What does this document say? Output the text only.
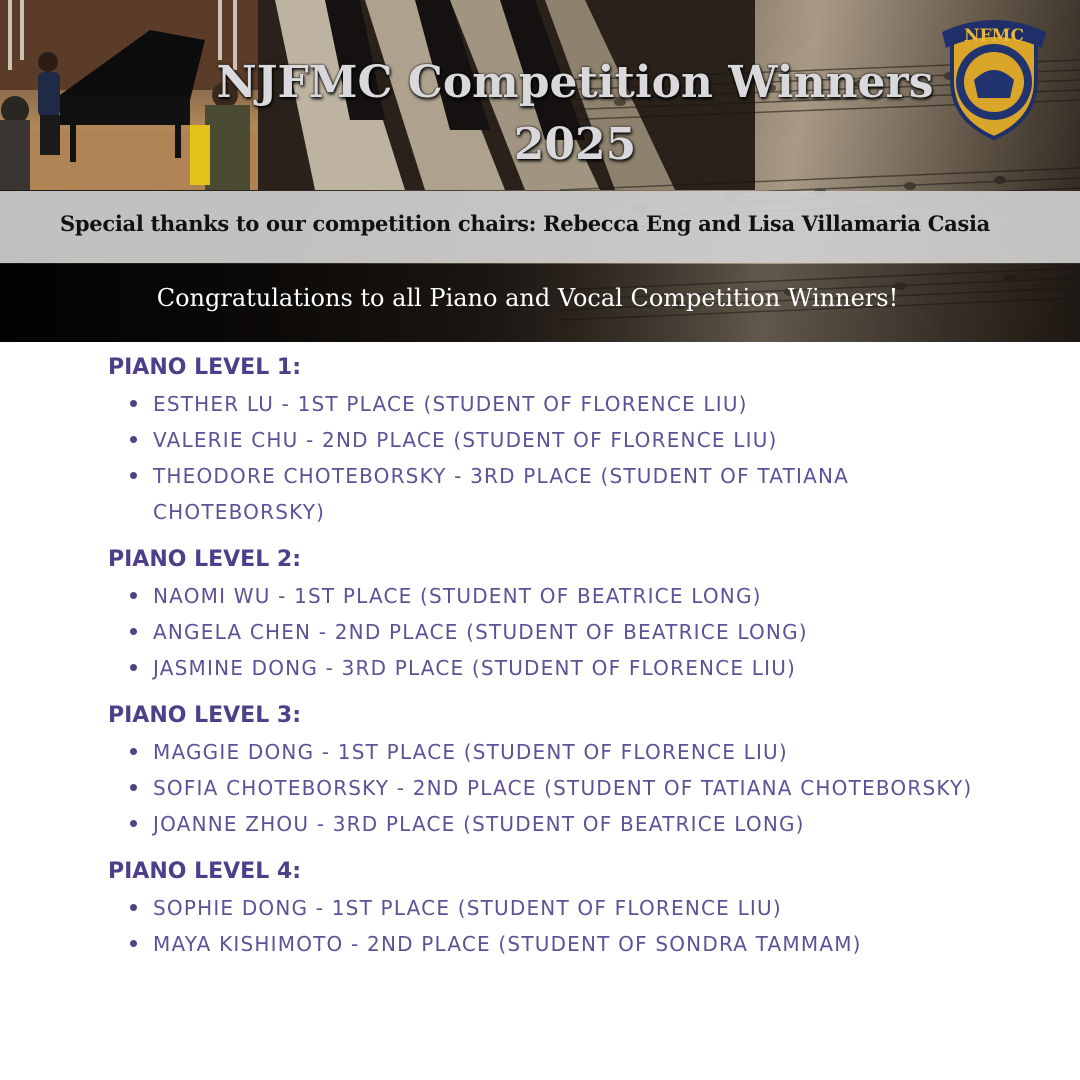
NFMC
NJFMC Competition Winners
2025
Special thanks to our competition chairs: Rebecca Eng and Lisa Villamaria Casia
Congratulations to all Piano and Vocal Competition Winners!
PIANO LEVEL 1:
ESTHER LU - 1ST PLACE (STUDENT OF FLORENCE LIU)
VALERIE CHU - 2ND PLACE (STUDENT OF FLORENCE LIU)
THEODORE CHOTEBORSKY - 3RD PLACE (STUDENT OF TATIANA CHOTEBORSKY)
PIANO LEVEL 2:
NAOMI WU - 1ST PLACE (STUDENT OF BEATRICE LONG)
ANGELA CHEN - 2ND PLACE (STUDENT OF BEATRICE LONG)
JASMINE DONG - 3RD PLACE (STUDENT OF FLORENCE LIU)
PIANO LEVEL 3:
MAGGIE DONG - 1ST PLACE (STUDENT OF FLORENCE LIU)
SOFIA CHOTEBORSKY - 2ND PLACE (STUDENT OF TATIANA CHOTEBORSKY)
JOANNE ZHOU - 3RD PLACE (STUDENT OF BEATRICE LONG)
PIANO LEVEL 4:
SOPHIE DONG - 1ST PLACE (STUDENT OF FLORENCE LIU)
MAYA KISHIMOTO - 2ND PLACE (STUDENT OF SONDRA TAMMAM)
